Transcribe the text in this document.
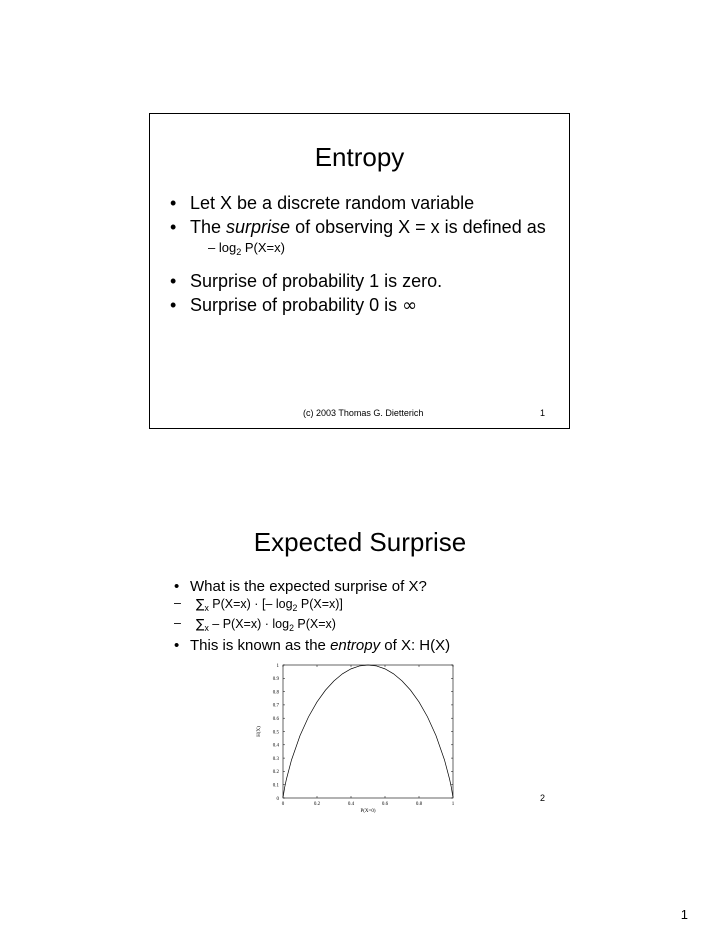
Entropy
• Let X be a discrete random variable
• The surprise of observing X = x is defined as
– $\log_2 P(X=x)$
• Surprise of probability 1 is zero.
• Surprise of probability 0 is ∞
(c) 2003 Thomas G. Dietterich	1
Expected Surprise
• What is the expected surprise of X?
– $\sum_x$ P(X=x) · [– $\log_2 P(X=x)$]
– $\sum_x - P(X=x) \cdot \log_2 P(X=x)$
• This is known as the entropy of X: H(X)
0	0.2	0.4	0.6	0.8	1
0
0.1
0.2
0.3
0.4
0.5
0.6
0.7
0.8
0.9
1
P(X=0)
H(X)
2
1
